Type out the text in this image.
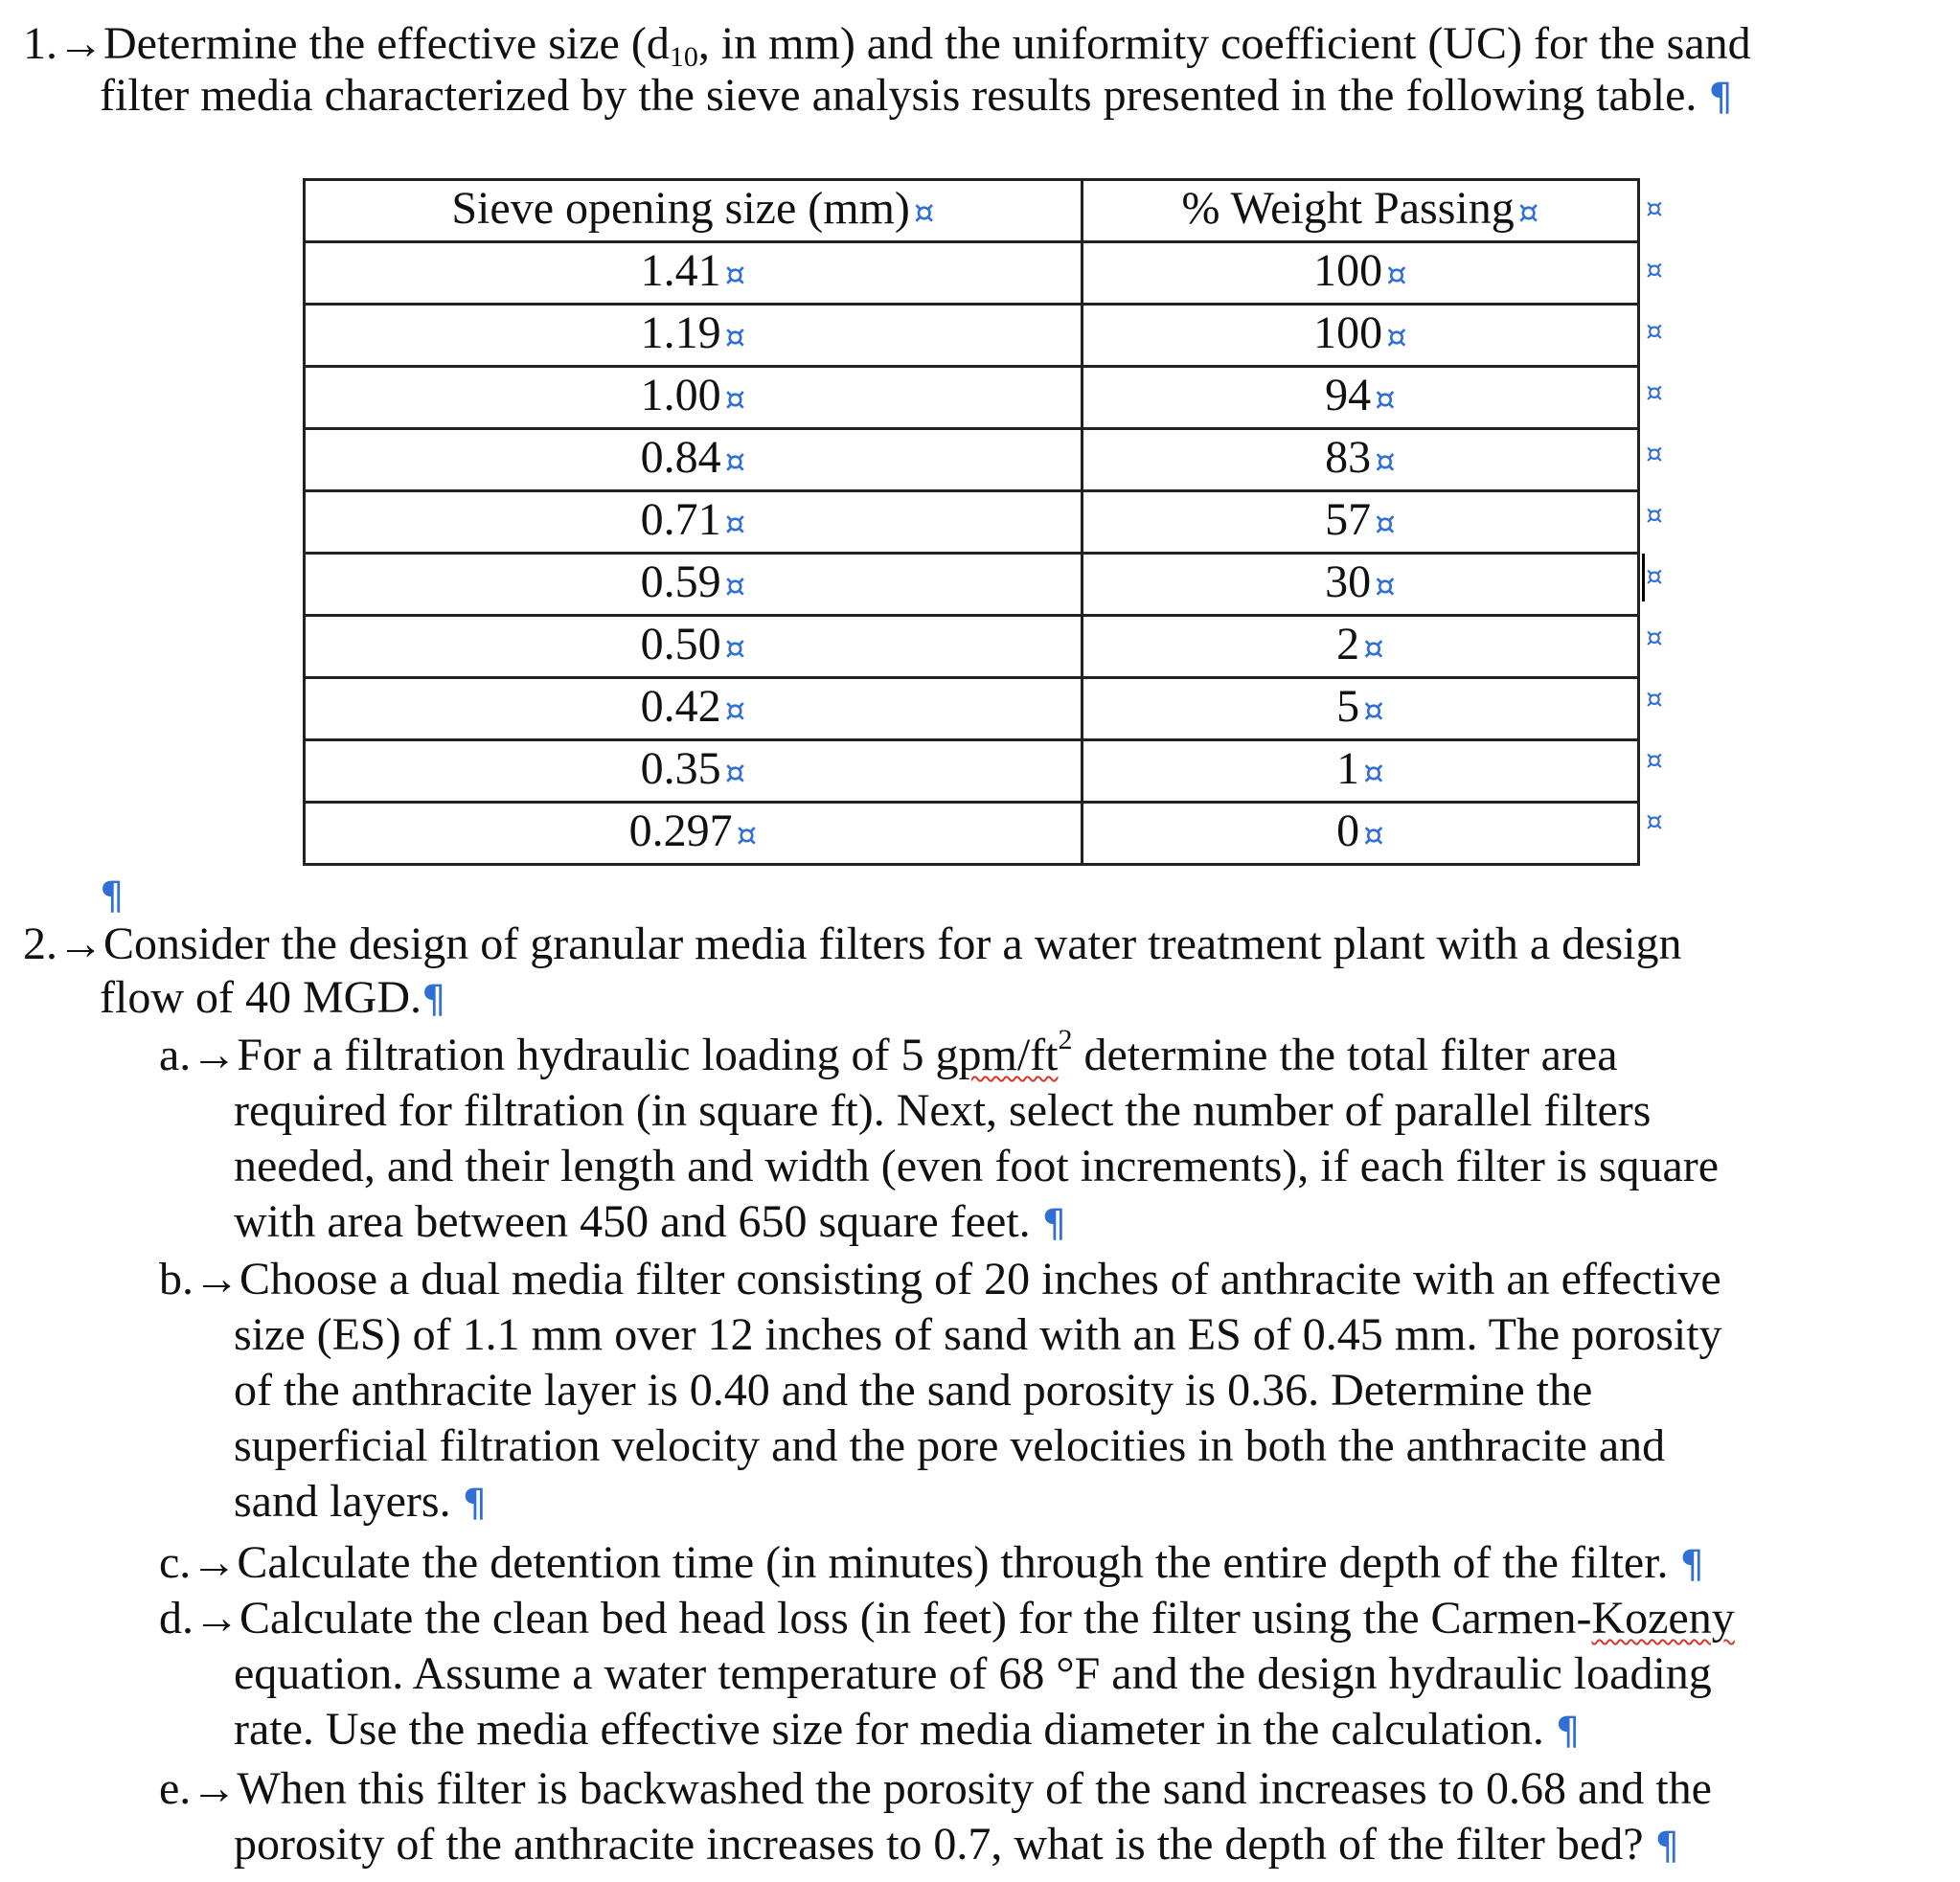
1.→Determine the effective size ($d_{10}$, in mm) and the uniformity coefficient (UC) for the sand
filter media characterized by the sieve analysis results presented in the following table. ¶
Sieve opening size (mm) ¤	% Weight Passing ¤
1.41 ¤	100 ¤
1.19 ¤	100 ¤
1.00 ¤	94 ¤
0.84 ¤	83 ¤
0.71 ¤	57 ¤
0.59 ¤	30 ¤
0.50 ¤	2 ¤
0.42 ¤	5 ¤
0.35 ¤	1 ¤
0.297 ¤	0 ¤
¤
¤
¤
¤
¤
¤
¤
¤
¤
¤
¤
¶
2.→Consider the design of granular media filters for a water treatment plant with a design
flow of 40 MGD.¶
a.→For a filtration hydraulic loading of 5 gpm/$ft^2$ determine the total filter area
required for filtration (in square ft). Next, select the number of parallel filters
needed, and their length and width (even foot increments), if each filter is square
with area between 450 and 650 square feet. ¶
b.→Choose a dual media filter consisting of 20 inches of anthracite with an effective
size (ES) of 1.1 mm over 12 inches of sand with an ES of 0.45 mm. The porosity
of the anthracite layer is 0.40 and the sand porosity is 0.36. Determine the
superficial filtration velocity and the pore velocities in both the anthracite and
sand layers. ¶
c.→Calculate the detention time (in minutes) through the entire depth of the filter. ¶
d.→Calculate the clean bed head loss (in feet) for the filter using the Carmen-Kozeny
equation. Assume a water temperature of 68 °F and the design hydraulic loading
rate. Use the media effective size for media diameter in the calculation. ¶
e.→When this filter is backwashed the porosity of the sand increases to 0.68 and the
porosity of the anthracite increases to 0.7, what is the depth of the filter bed? ¶
